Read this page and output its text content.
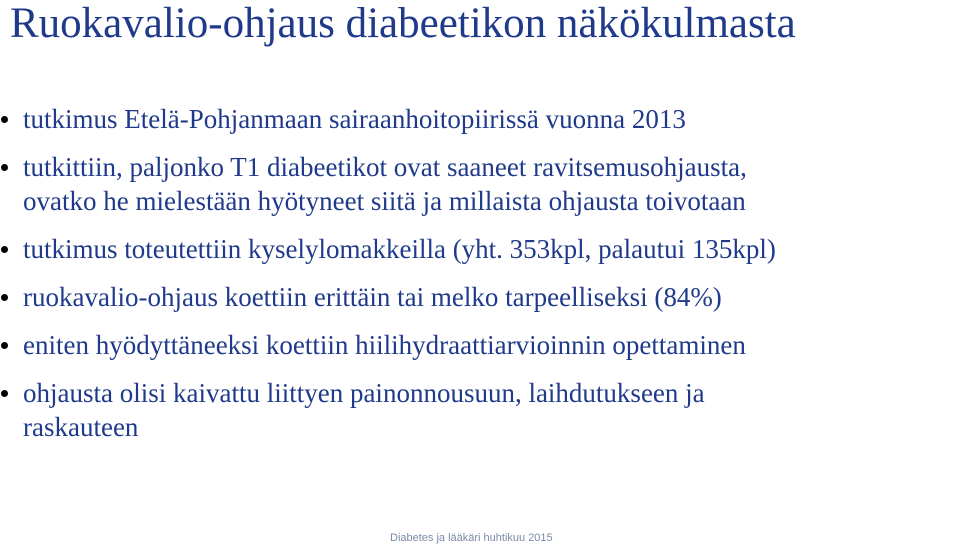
Ruokavalio-ohjaus diabeetikon näkökulmasta
tutkimus Etelä-Pohjanmaan sairaanhoitopiirissä vuonna 2013
tutkittiin, paljonko T1 diabeetikot ovat saaneet ravitsemusohjausta,
ovatko he mielestään hyötyneet siitä ja millaista ohjausta toivotaan
tutkimus toteutettiin kyselylomakkeilla (yht. 353kpl, palautui 135kpl)
ruokavalio-ohjaus koettiin erittäin tai melko tarpeelliseksi (84%)
eniten hyödyttäneeksi koettiin hiilihydraattiarvioinnin opettaminen
ohjausta olisi kaivattu liittyen painonnousuun, laihdutukseen ja
raskauteen
Diabetes ja lääkäri huhtikuu 2015
